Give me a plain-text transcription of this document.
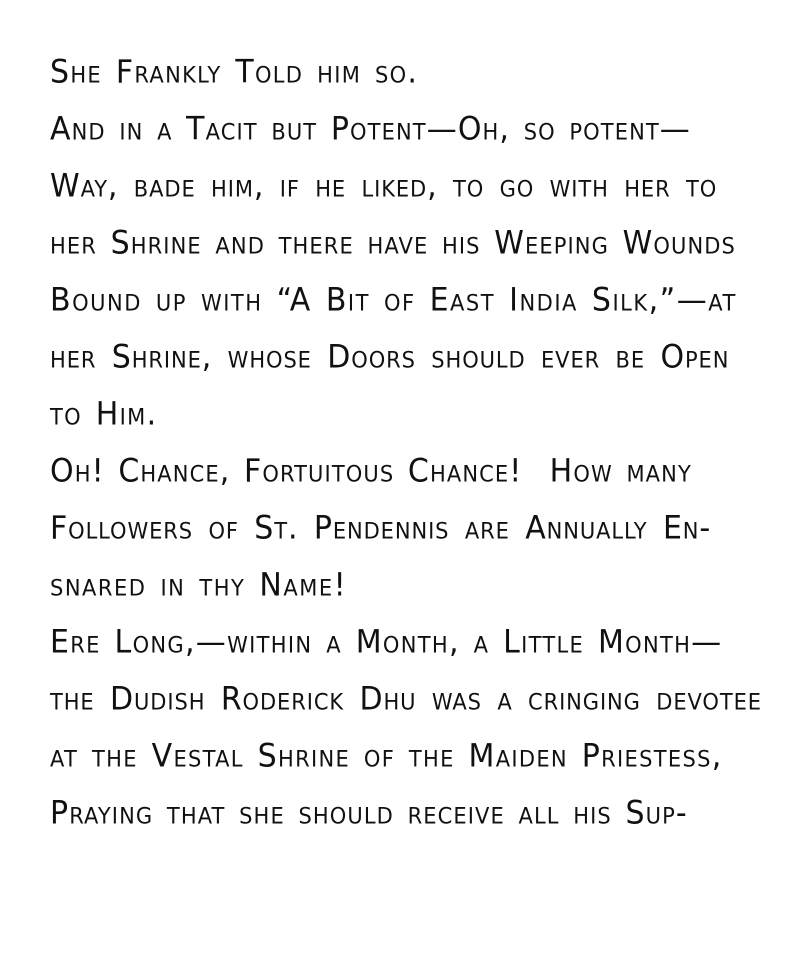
She Frankly Told him so.
And in a Tacit but Potent—Oh, so potent—
Way, bade him, if he liked, to go with her to
her Shrine and there have his Weeping Wounds
Bound up with “A Bit of East India Silk,”—at
her Shrine, whose Doors should ever be Open
to Him.
Oh! Chance, Fortuitous Chance!  How many
Followers of St. Pendennis are Annually En-
snared in thy Name!
Ere Long,—within a Month, a Little Month—
the Dudish Roderick Dhu was a cringing devotee
at the Vestal Shrine of the Maiden Priestess,
Praying that she should receive all his Sup-
